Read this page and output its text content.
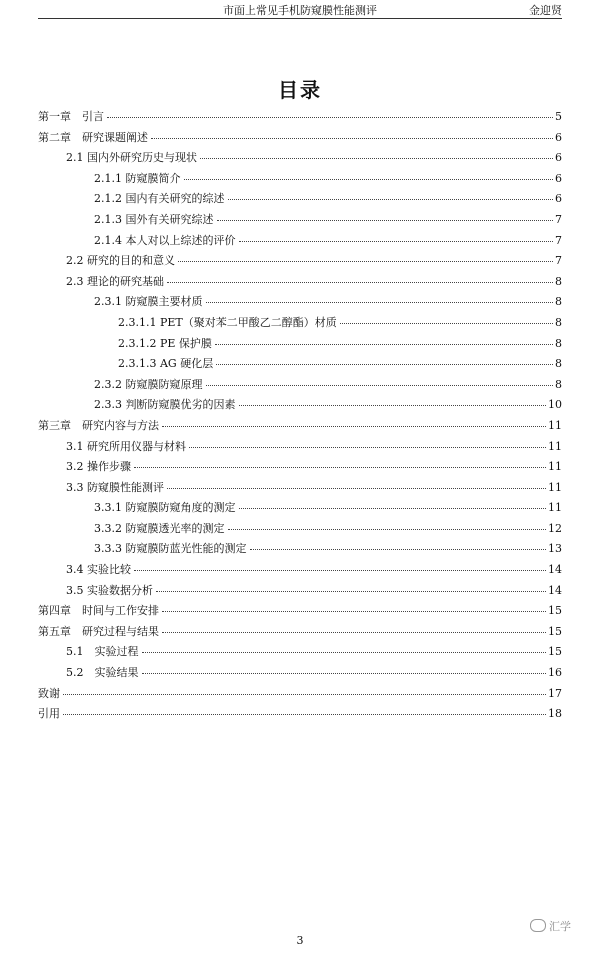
市面上常见手机防窥膜性能测评	金迎贤
目录
第一章　引言	5
第二章　研究课题阐述	6
2.1 国内外研究历史与现状	6
2.1.1 防窥膜简介	6
2.1.2 国内有关研究的综述	6
2.1.3 国外有关研究综述	7
2.1.4 本人对以上综述的评价	7
2.2 研究的目的和意义	7
2.3 理论的研究基础	8
2.3.1 防窥膜主要材质	8
2.3.1.1 PET（聚对苯二甲酸乙二醇酯）材质	8
2.3.1.2 PE 保护膜	8
2.3.1.3 AG 硬化层	8
2.3.2 防窥膜防窥原理	8
2.3.3 判断防窥膜优劣的因素	10
第三章　研究内容与方法	11
3.1 研究所用仪器与材料	11
3.2 操作步骤	11
3.3 防窥膜性能测评	11
3.3.1 防窥膜防窥角度的测定	11
3.3.2 防窥膜透光率的测定	12
3.3.3 防窥膜防蓝光性能的测定	13
3.4 实验比较	14
3.5 实验数据分析	14
第四章　时间与工作安排	15
第五章　研究过程与结果	15
5.1　实验过程	15
5.2　实验结果	16
致谢	17
引用	18
3
汇学
